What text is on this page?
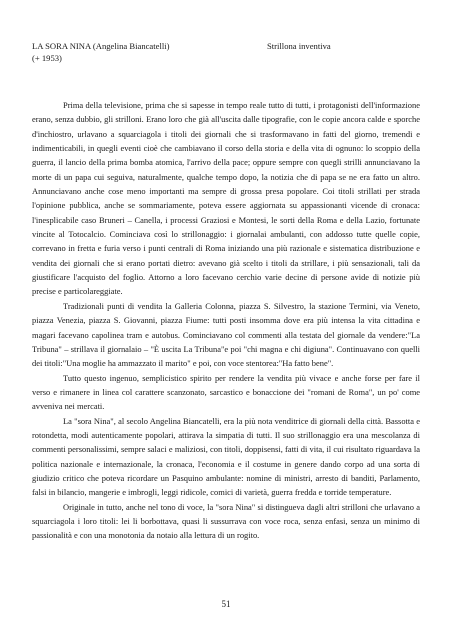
LA SORA NINA (Angelina Biancatelli)	Strillona inventiva
(+ 1953)

Prima della televisione, prima che si sapesse in tempo reale tutto di tutti, i protagonisti dell'informazione erano, senza dubbio, gli strilloni. Erano loro che già all'uscita dalle tipografie, con le copie ancora calde e sporche d'inchiostro, urlavano a squarciagola i titoli dei giornali che si trasformavano in fatti del giorno, tremendi e indimenticabili, in quegli eventi cioè che cambiavano il corso della storia e della vita di ognuno: lo scoppio della guerra, il lancio della prima bomba atomica, l'arrivo della pace; oppure sempre con quegli strilli annunciavano la morte di un papa cui seguiva, naturalmente, qualche tempo dopo, la notizia che di papa se ne era fatto un altro. Annunciavano anche cose meno importanti ma sempre di grossa presa popolare. Coi titoli strillati per strada l'opinione pubblica, anche se sommariamente, poteva essere aggiornata su appassionanti vicende di cronaca: l'inesplicabile caso Bruneri – Canella, i processi Graziosi e Montesi, le sorti della Roma e della Lazio, fortunate vincite al Totocalcio. Cominciava così lo strillonaggio: i giornalai ambulanti, con addosso tutte quelle copie, correvano in fretta e furia verso i punti centrali di Roma iniziando una più razionale e sistematica distribuzione e vendita dei giornali che si erano portati dietro: avevano già scelto i titoli da strillare, i più sensazionali, tali da giustificare l'acquisto del foglio. Attorno a loro facevano cerchio varie decine di persone avide di notizie più precise e particolareggiate.

Tradizionali punti di vendita la Galleria Colonna, piazza S. Silvestro, la stazione Termini, via Veneto, piazza Venezia, piazza S. Giovanni, piazza Fiume: tutti posti insomma dove era più intensa la vita cittadina e magari facevano capolinea tram e autobus. Cominciavano col commenti alla testata del giornale da vendere:"La Tribuna" – strillava il giornalaio – "È uscita La Tribuna"e poi "chi magna e chi digiuna". Continuavano con quelli dei titoli:"Una moglie ha ammazzato il marito" e poi, con voce stentorea:"Ha fatto bene".

Tutto questo ingenuo, semplicistico spirito per rendere la vendita più vivace e anche forse per fare il verso e rimanere in linea col carattere scanzonato, sarcastico e bonaccione dei "romani de Roma", un po' come avveniva nei mercati.

La "sora Nina", al secolo Angelina Biancatelli, era la più nota venditrice di giornali della città. Bassotta e rotondetta, modi autenticamente popolari, attirava la simpatia di tutti. Il suo strillonaggio era una mescolanza di commenti personalissimi, sempre salaci e maliziosi, con titoli, doppisensi, fatti di vita, il cui risultato riguardava la politica nazionale e internazionale, la cronaca, l'economia e il costume in genere dando corpo ad una sorta di giudizio critico che poteva ricordare un Pasquino ambulante: nomine di ministri, arresto di banditi, Parlamento, falsi in bilancio, mangerie e imbrogli, leggi ridicole, comici di varietà, guerra fredda e torride temperature.

Originale in tutto, anche nel tono di voce, la "sora Nina" si distingueva dagli altri strilloni che urlavano a squarciagola i loro titoli: lei li borbottava, quasi li sussurrava con voce roca, senza enfasi, senza un minimo di passionalità e con una monotonia da notaio alla lettura di un rogito.

51
